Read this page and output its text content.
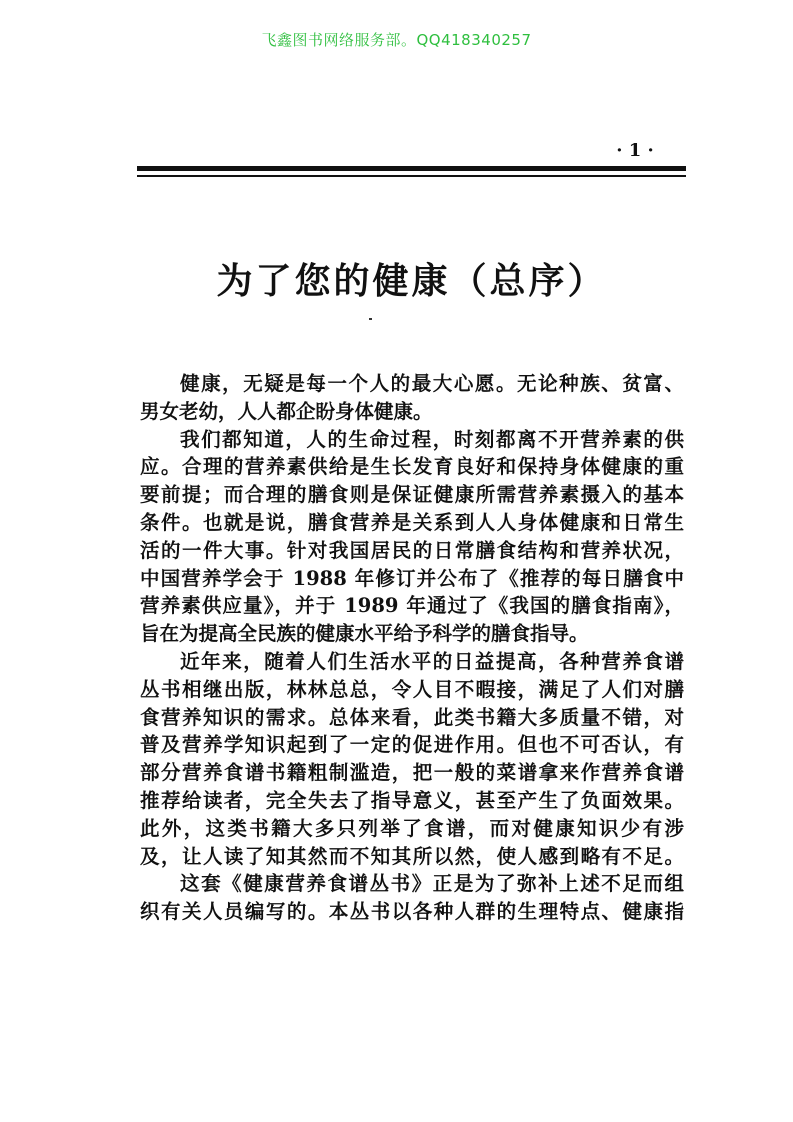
飞鑫图书网络服务部。QQ418340257
· 1 ·
为了您的健康（总序）
健康，无疑是每一个人的最大心愿。无论种族、贫富、
男女老幼，人人都企盼身体健康。
我们都知道，人的生命过程，时刻都离不开营养素的供
应。合理的营养素供给是生长发育良好和保持身体健康的重
要前提；而合理的膳食则是保证健康所需营养素摄入的基本
条件。也就是说，膳食营养是关系到人人身体健康和日常生
活的一件大事。针对我国居民的日常膳食结构和营养状况，
中国营养学会于 1988 年修订并公布了《推荐的每日膳食中
营养素供应量》，并于 1989 年通过了《我国的膳食指南》，
旨在为提高全民族的健康水平给予科学的膳食指导。
近年来，随着人们生活水平的日益提高，各种营养食谱
丛书相继出版，林林总总，令人目不暇接，满足了人们对膳
食营养知识的需求。总体来看，此类书籍大多质量不错，对
普及营养学知识起到了一定的促进作用。但也不可否认，有
部分营养食谱书籍粗制滥造，把一般的菜谱拿来作营养食谱
推荐给读者，完全失去了指导意义，甚至产生了负面效果。
此外，这类书籍大多只列举了食谱，而对健康知识少有涉
及，让人读了知其然而不知其所以然，使人感到略有不足。
这套《健康营养食谱丛书》正是为了弥补上述不足而组
织有关人员编写的。本丛书以各种人群的生理特点、健康指
